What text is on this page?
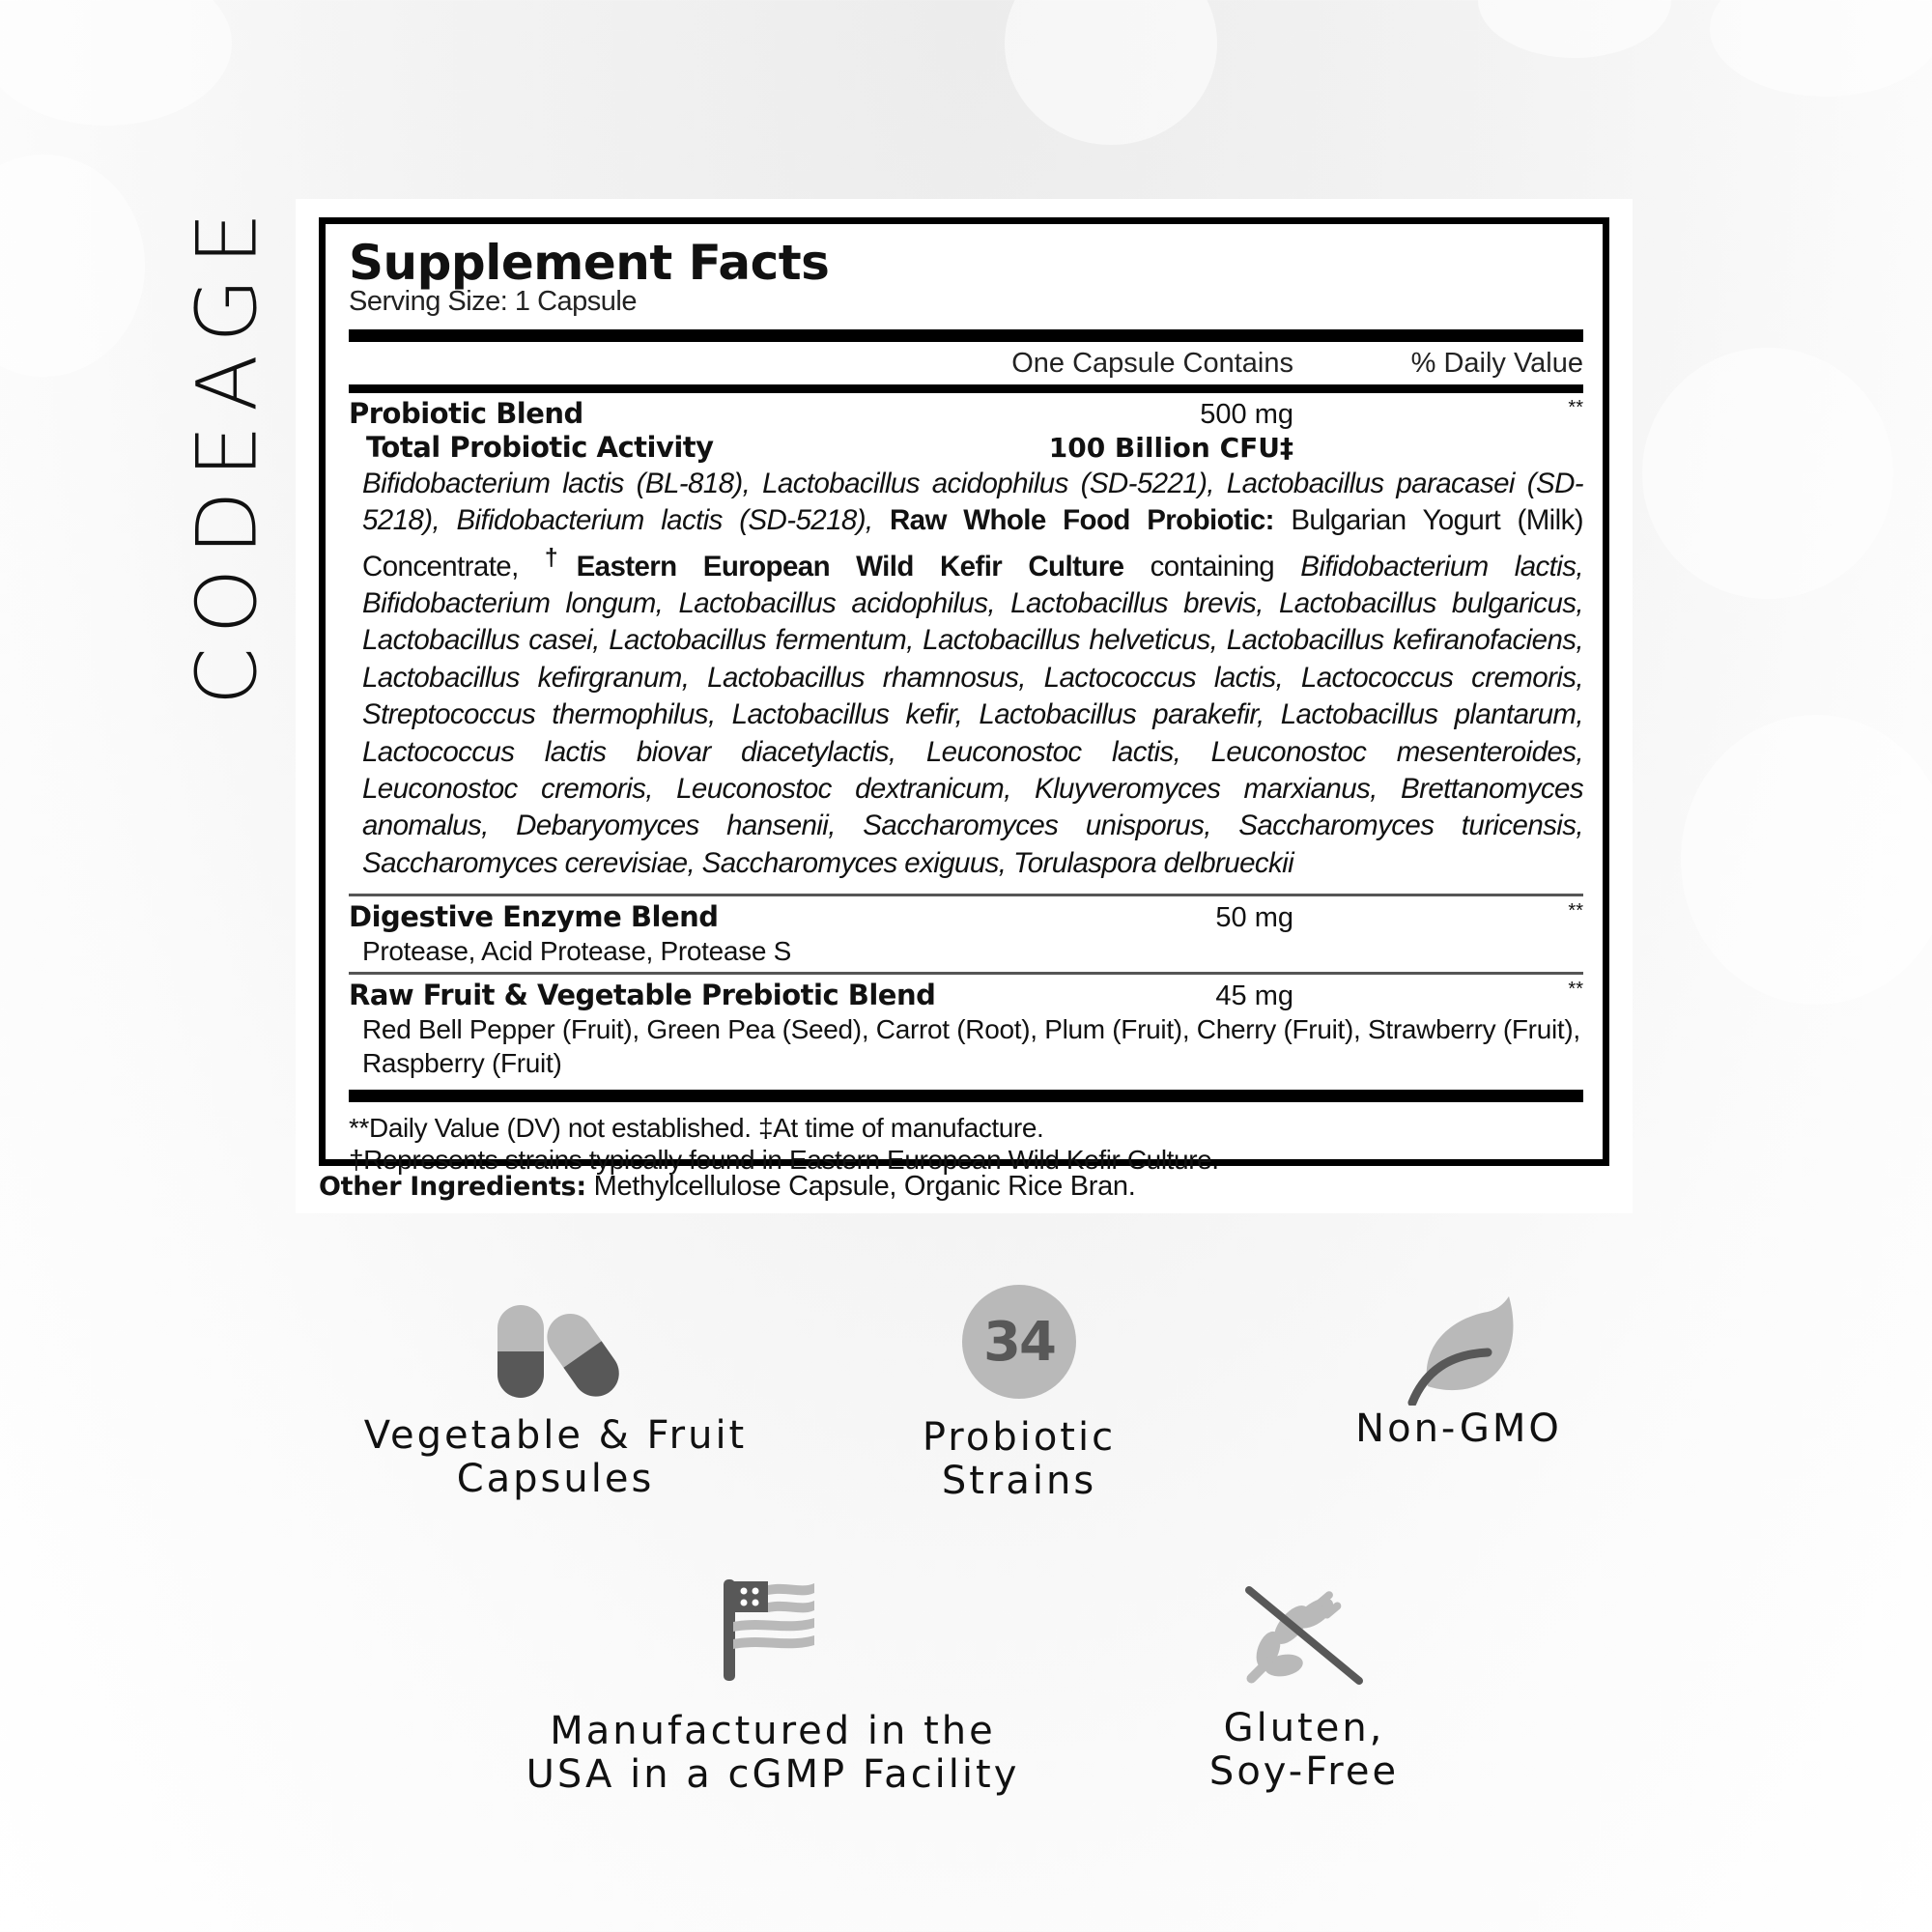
CODEAGE Supplement Facts
Serving Size: 1 Capsule
One Capsule Contains	% Daily Value
Probiotic Blend	500 mg	**
Total Probiotic Activity	100 Billion CFU‡
Bifidobacterium lactis (BL-818), Lactobacillus acidophilus (SD-5221), Lactobacillus paracasei (SD-5218), Bifidobacterium lactis (SD-5218), Raw Whole Food Probiotic: Bulgarian Yogurt (Milk) Concentrate, †Eastern European Wild Kefir Culture containing Bifidobacterium lactis, Bifidobacterium longum, Lactobacillus acidophilus, Lactobacillus brevis, Lactobacillus bulgaricus, Lactobacillus casei, Lactobacillus fermentum, Lactobacillus helveticus, Lactobacillus kefiranofaciens, Lactobacillus kefirgranum, Lactobacillus rhamnosus, Lactococcus lactis, Lactococcus cremoris, Streptococcus thermophilus, Lactobacillus kefir, Lactobacillus parakefir, Lactobacillus plantarum, Lactococcus lactis biovar diacetylactis, Leuconostoc lactis, Leuconostoc mesenteroides, Leuconostoc cremoris, Leuconostoc dextranicum, Kluyveromyces marxianus, Brettanomyces anomalus, Debaryomyces hansenii, Saccharomyces unisporus, Saccharomyces turicensis, Saccharomyces cerevisiae, Saccharomyces exiguus, Torulaspora delbrueckii
Digestive Enzyme Blend	50 mg	**
Protease, Acid Protease, Protease S
Raw Fruit & Vegetable Prebiotic Blend	45 mg	**
Red Bell Pepper (Fruit), Green Pea (Seed), Carrot (Root), Plum (Fruit), Cherry (Fruit), Strawberry (Fruit), Raspberry (Fruit)
**Daily Value (DV) not established. ‡At time of manufacture.
†Represents strains typically found in Eastern European Wild Kefir Culture.
Other Ingredients: Methylcellulose Capsule, Organic Rice Bran.
Vegetable & Fruit
Capsules
34
Probiotic
Strains
Non-GMO
Manufactured in the
USA in a cGMP Facility
Gluten,
Soy-Free
